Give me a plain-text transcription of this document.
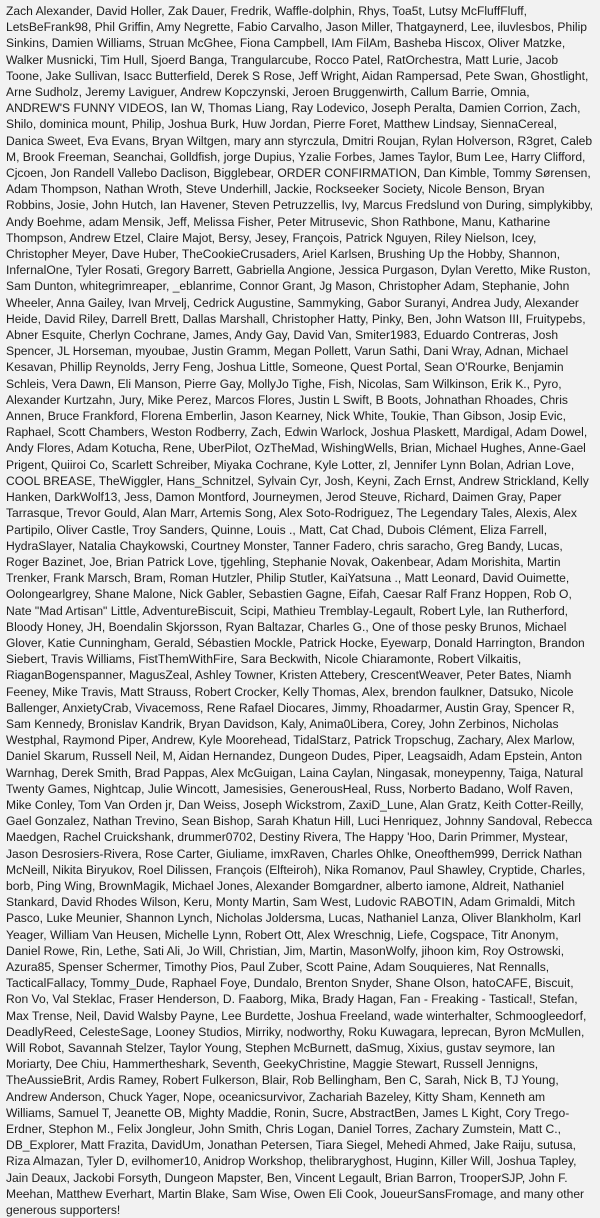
Zach Alexander, David Holler, Zak Dauer, Fredrik, Waffle-dolphin, Rhys, Toa5t, Lutsy McFluffFluff, LetsBeFrank98, Phil Griffin, Amy Negrette, Fabio Carvalho, Jason Miller, Thatgaynerd, Lee, iluvlesbos, Philip Sinkins, Damien Williams, Struan McGhee, Fiona Campbell, IAm FilAm, Basheba Hiscox, Oliver Matzke, Walker Musnicki, Tim Hull, Sjoerd Banga, Trangularcube, Rocco Patel, RatOrchestra, Matt Lurie, Jacob Toone, Jake Sullivan, Isacc Butterfield, Derek S Rose, Jeff Wright, Aidan Rampersad, Pete Swan, Ghostlight, Arne Sudholz, Jeremy Laviguer, Andrew Kopczynski, Jeroen Bruggenwirth, Callum Barrie, Omnia, ANDREW'S FUNNY VIDEOS, Ian W, Thomas Liang, Ray Lodevico, Joseph Peralta, Damien Corrion, Zach, Shilo, dominica mount, Philip, Joshua Burk, Huw Jordan, Pierre Foret, Matthew Lindsay, SiennaCereal, Danica Sweet, Eva Evans, Bryan Wiltgen, mary ann styrczula, Dmitri Roujan, Rylan Holverson, R3gret, Caleb M, Brook Freeman, Seanchai, Golldfish, jorge Dupius, Yzalie Forbes, James Taylor, Bum Lee, Harry Clifford, Cjcoen, Jon Randell Vallebo Daclison, Bigglebear, ORDER CONFIRMATION, Dan Kimble, Tommy Sørensen, Adam Thompson, Nathan Wroth, Steve Underhill, Jackie, Rockseeker Society, Nicole Benson, Bryan Robbins, Josie, John Hutch, Ian Havener, Steven Petruzzellis, Ivy, Marcus Fredslund von During, simplykibby, Andy Boehme, adam Mensik, Jeff, Melissa Fisher, Peter Mitrusevic, Shon Rathbone, Manu, Katharine Thompson, Andrew Etzel, Claire Majot, Bersy, Jesey, François, Patrick Nguyen, Riley Nielson, Icey, Christopher Meyer, Dave Huber, TheCookieCrusaders, Ariel Karlsen, Brushing Up the Hobby, Shannon, InfernalOne, Tyler Rosati, Gregory Barrett, Gabriella Angione, Jessica Purgason, Dylan Veretto, Mike Ruston, Sam Dunton, whitegrimreaper, _eblanrime, Connor Grant, Jg Mason, Christopher Adam, Stephanie, John Wheeler, Anna Gailey, Ivan Mrvelj, Cedrick Augustine, Sammyking, Gabor Suranyi, Andrea Judy, Alexander Heide, David Riley, Darrell Brett, Dallas Marshall, Christopher Hatty, Pinky, Ben, John Watson III, Fruitypebs, Abner Esquite, Cherlyn Cochrane, James, Andy Gay, David Van, Smiter1983, Eduardo Contreras, Josh Spencer, JL Horseman, myoubae, Justin Gramm, Megan Pollett, Varun Sathi, Dani Wray, Adnan, Michael Kesavan, Phillip Reynolds, Jerry Feng, Joshua Little, Someone, Quest Portal, Sean O'Rourke, Benjamin Schleis, Vera Dawn, Eli Manson, Pierre Gay, MollyJo Tighe, Fish, Nicolas, Sam Wilkinson, Erik K., Pyro, Alexander Kurtzahn, Jury, Mike Perez, Marcos Flores, Justin L Swift, B Boots, Johnathan Rhoades, Chris Annen, Bruce Frankford, Florena Emberlin, Jason Kearney, Nick White, Toukie, Than Gibson, Josip Evic, Raphael, Scott Chambers, Weston Rodberry, Zach, Edwin Warlock, Joshua Plaskett, Mardigal, Adam Dowel, Andy Flores, Adam Kotucha, Rene, UberPilot, OzTheMad, WishingWells, Brian, Michael Hughes, Anne-Gael Prigent, Quiiroi Co, Scarlett Schreiber, Miyaka Cochrane, Kyle Lotter, zl, Jennifer Lynn Bolan, Adrian Love, COOL BREASE, TheWiggler, Hans_Schnitzel, Sylvain Cyr, Josh, Keyni, Zach Ernst, Andrew Strickland, Kelly Hanken, DarkWolf13, Jess, Damon Montford, Journeymen, Jerod Steuve, Richard, Daimen Gray, Paper Tarrasque, Trevor Gould, Alan Marr, Artemis Song, Alex Soto-Rodriguez, The Legendary Tales, Alexis, Alex Partipilo, Oliver Castle, Troy Sanders, Quinne, Louis ., Matt, Cat Chad, Dubois Clément, Eliza Farrell, HydraSlayer, Natalia Chaykowski, Courtney Monster, Tanner Fadero, chris saracho, Greg Bandy, Lucas, Roger Bazinet, Joe, Brian Patrick Love, tjgehling, Stephanie Novak, Oakenbear, Adam Morishita, Martin Trenker, Frank Marsch, Bram, Roman Hutzler, Philip Stutler, KaiYatsuna ., Matt Leonard, David Ouimette, Oolongearlgrey, Shane Malone, Nick Gabler, Sebastien Gagne, Eifah, Caesar Ralf Franz Hoppen, Rob O, Nate "Mad Artisan" Little, AdventureBiscuit, Scipi, Mathieu Tremblay-Legault, Robert Lyle, Ian Rutherford, Bloody Honey, JH, Boendalin Skjorsson, Ryan Baltazar, Charles G., One of those pesky Brunos, Michael Glover, Katie Cunningham, Gerald, Sébastien Mockle, Patrick Hocke, Eyewarp, Donald Harrington, Brandon Siebert, Travis Williams, FistThemWithFire, Sara Beckwith, Nicole Chiaramonte, Robert Vilkaitis, RiaganBogenspanner, MagusZeal, Ashley Towner, Kristen Attebery, CrescentWeaver, Peter Bates, Niamh Feeney, Mike Travis, Matt Strauss, Robert Crocker, Kelly Thomas, Alex, brendon faulkner, Datsuko, Nicole Ballenger, AnxietyCrab, Vivacemoss, Rene Rafael Diocares, Jimmy, Rhoadarmer, Austin Gray, Spencer R, Sam Kennedy, Bronislav Kandrik, Bryan Davidson, Kaly, Anima0Libera, Corey, John Zerbinos, Nicholas Westphal, Raymond Piper, Andrew, Kyle Moorehead, TidalStarz, Patrick Tropschug, Zachary, Alex Marlow, Daniel Skarum, Russell Neil, M, Aidan Hernandez, Dungeon Dudes, Piper, Leagsaidh, Adam Epstein, Anton Warnhag, Derek Smith, Brad Pappas, Alex McGuigan, Laina Caylan, Ningasak, moneypenny, Taiga, Natural Twenty Games, Nightcap, Julie Wincott, Jamesisies, GenerousHeal, Russ, Norberto Badano, Wolf Raven, Mike Conley, Tom Van Orden jr, Dan Weiss, Joseph Wickstrom, ZaxiD_Lune, Alan Gratz, Keith Cotter-Reilly, Gael Gonzalez, Nathan Trevino, Sean Bishop, Sarah Khatun Hill, Luci Henriquez, Johnny Sandoval, Rebecca Maedgen, Rachel Cruickshank, drummer0702, Destiny Rivera, The Happy 'Hoo, Darin Primmer, Mystear, Jason Desrosiers-Rivera, Rose Carter, Giuliame, imxRaven, Charles Ohlke, Oneofthem999, Derrick Nathan McNeill, Nikita Biryukov, Roel Dilissen, François (Elfteiroh), Nika Romanov, Paul Shawley, Cryptide, Charles, borb, Ping Wing, BrownMagik, Michael Jones, Alexander Bomgardner, alberto iamone, Aldreit, Nathaniel Stankard, David Rhodes Wilson, Keru, Monty Martin, Sam West, Ludovic RABOTIN, Adam Grimaldi, Mitch Pasco, Luke Meunier, Shannon Lynch, Nicholas Joldersma, Lucas, Nathaniel Lanza, Oliver Blankholm, Karl Yeager, William Van Heusen, Michelle Lynn, Robert Ott, Alex Wreschnig, Liefe, Cogspace, Titr Anonym, Daniel Rowe, Rin, Lethe, Sati Ali, Jo Will, Christian, Jim, Martin, MasonWolfy, jihoon kim, Roy Ostrowski, Azura85, Spenser Schermer, Timothy Pios, Paul Zuber, Scott Paine, Adam Souquieres, Nat Rennalls, TacticalFallacy, Tommy_Dude, Raphael Foye, Dundalo, Brenton Snyder, Shane Olson, hatoCAFE, Biscuit, Ron Vo, Val Steklac, Fraser Henderson, D. Faaborg, Mika, Brady Hagan, Fan - Freaking - Tastical!, Stefan, Max Trense, Neil, David Walsby Payne, Lee Burdette, Joshua Freeland, wade winterhalter, Schmoogleedorf, DeadlyReed, CelesteSage, Looney Studios, Mirriky, nodworthy, Roku Kuwagara, leprecan, Byron McMullen, Will Robot, Savannah Stelzer, Taylor Young, Stephen McBurnett, daSmug, Xixius, gustav seymore, Ian Moriarty, Dee Chiu, Hammertheshark, Seventh, GeekyChristine, Maggie Stewart, Russell Jennigns, TheAussieBrit, Ardis Ramey, Robert Fulkerson, Blair, Rob Bellingham, Ben C, Sarah, Nick B, TJ Young, Andrew Anderson, Chuck Yager, Nope, oceanicsurvivor, Zachariah Bazeley, Kitty Sham, Kenneth am Williams, Samuel T, Jeanette OB, Mighty Maddie, Ronin, Sucre, AbstractBen, James L Kight, Cory Trego-Erdner, Stephon M., Felix Jongleur, John Smith, Chris Logan, Daniel Torres, Zachary Zumstein, Matt C., DB_Explorer, Matt Frazita, DavidUm, Jonathan Petersen, Tiara Siegel, Mehedi Ahmed, Jake Raiju, sutusa, Riza Almazan, Tyler D, evilhomer10, Anidrop Workshop, thelibraryghost, Huginn, Killer Will, Joshua Tapley, Jain Deaux, Jackobi Forsyth, Dungeon Mapster, Ben, Vincent Legault, Brian Barron, TrooperSJP, John F. Meehan, Matthew Everhart, Martin Blake, Sam Wise, Owen Eli Cook, JoueurSansFromage, and many other generous supporters!
